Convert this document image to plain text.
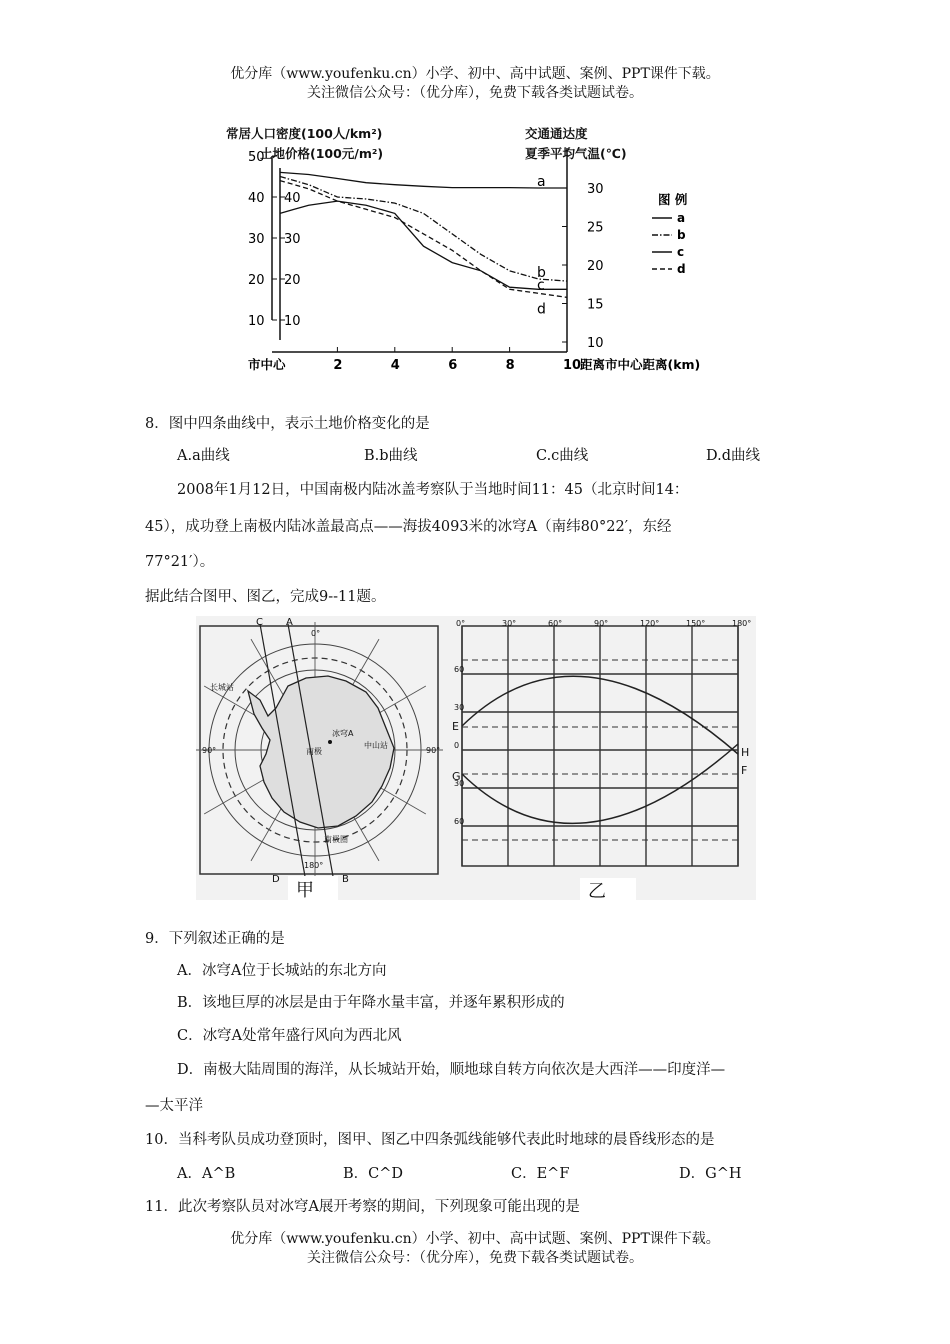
优分库（www.youfenku.cn）小学、初中、高中试题、案例、PPT课件下载。
关注微信公众号：（优分库），免费下载各类试题试卷。
常居人口密度(100人/km²)
土地价格(100元/m²)
交通通达度
夏季平均气温(℃)
50
40
30
20
10
40
30
20
10
30
25
20
15
10
2	4	6	8	10
市中心	距离市中心距离(km)
图 例
a
b
c
d
a
b
c
d
8．图中四条曲线中，表示土地价格变化的是
A.a曲线	B.b曲线	C.c曲线	D.d曲线
2008年1月12日，中国南极内陆冰盖考察队于当地时间11：45（北京时间14：
45），成功登上南极内陆冰盖最高点——海拔4093米的冰穹A（南纬80°22′，东经
77°21′）。
据此结合图甲、图乙，完成9--11题。
C A
0°
90°	90°
180°
D	B
长城站
冰穹A
中山站
南极
南极圈
甲
0°	30°	60°	90°	120°	150°	180°
60
30
0
30
60
E
G
H
F
乙
9．下列叙述正确的是
A．冰穹A位于长城站的东北方向
B．该地巨厚的冰层是由于年降水量丰富，并逐年累积形成的
C．冰穹A处常年盛行风向为西北风
D．南极大陆周围的海洋，从长城站开始，顺地球自转方向依次是大西洋——印度洋—
—太平洋
10．当科考队员成功登顶时，图甲、图乙中四条弧线能够代表此时地球的晨昏线形态的是
A．A^B	B．C^D	C．E^F	D．G^H
11．此次考察队员对冰穹A展开考察的期间，下列现象可能出现的是
优分库（www.youfenku.cn）小学、初中、高中试题、案例、PPT课件下载。
关注微信公众号：（优分库），免费下载各类试题试卷。
